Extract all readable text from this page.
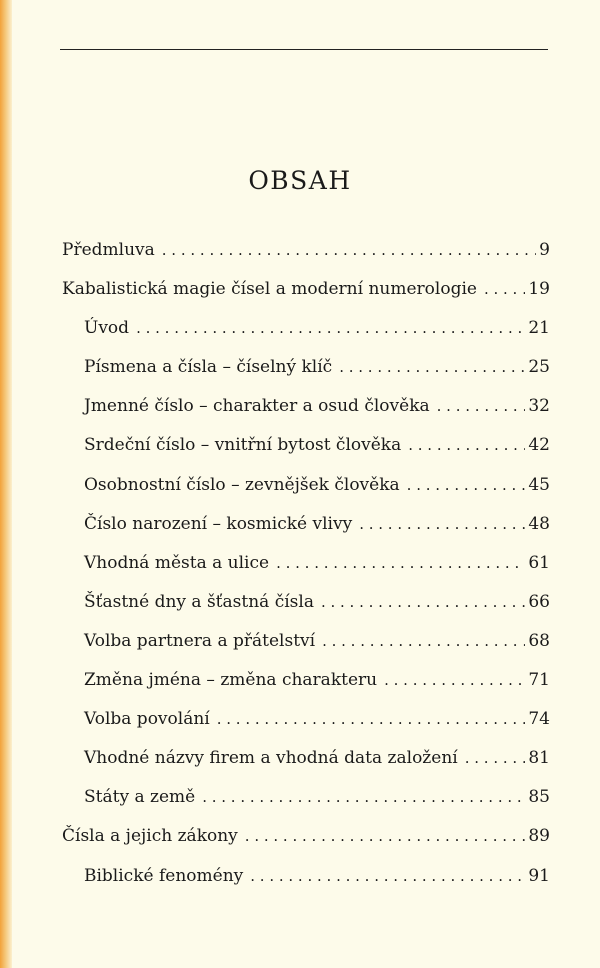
OBSAH
Předmluva . . .	9
Kabalistická magie čísel a moderní numerologie . . .	19
Úvod . . .	21
Písmena a čísla – číselný klíč . . .	25
Jmenné číslo – charakter a osud člověka . . .	32
Srdeční číslo – vnitřní bytost člověka . . .	42
Osobnostní číslo – zevnějšek člověka . . .	45
Číslo narození – kosmické vlivy . . .	48
Vhodná města a ulice . . .	61
Šťastné dny a šťastná čísla . . .	66
Volba partnera a přátelství . . .	68
Změna jména – změna charakteru . . .	71
Volba povolání . . .	74
Vhodné názvy firem a vhodná data založení . . .	81
Státy a země . . .	85
Čísla a jejich zákony . . .	89
Biblické fenomény . . .	91
